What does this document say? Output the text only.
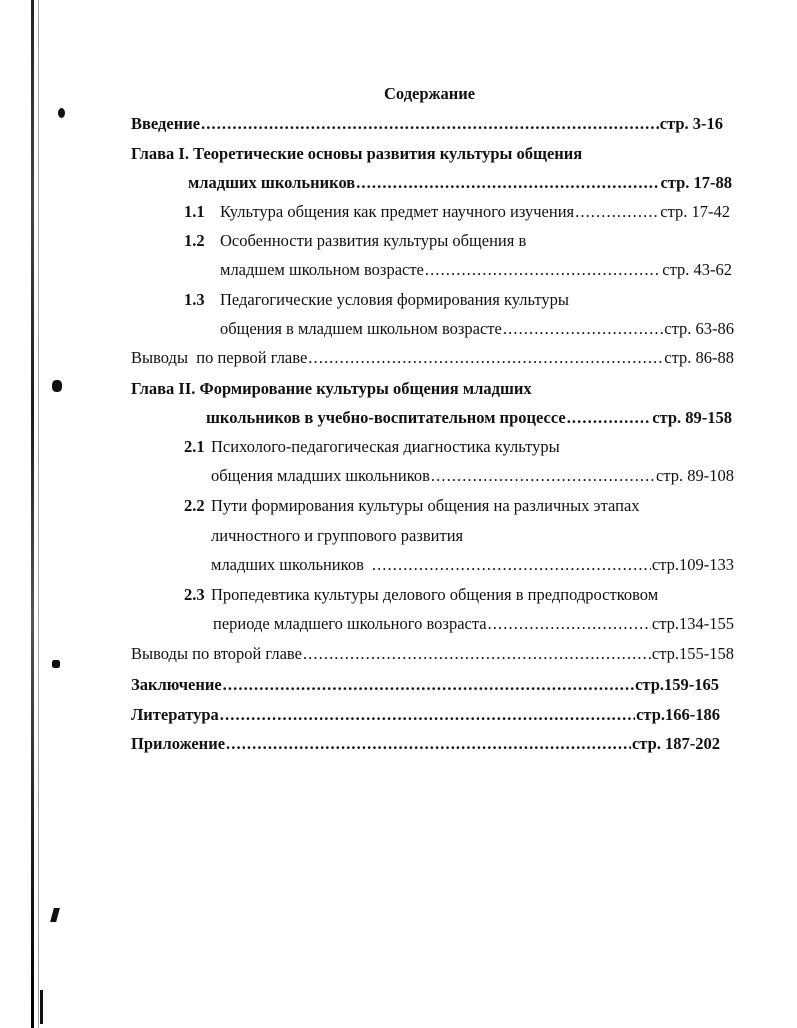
Содержание
Введение .....	стр. 3-16
Глава I. Теоретические основы развития культуры общения
младших школьников .....	стр. 17-88
1.1 Культура общения как предмет научного изучения .....	стр. 17-42
1.2 Особенности развития культуры общения в
младшем школьном возрасте .....	стр. 43-62
1.3 Педагогические условия формирования культуры
общения в младшем школьном возрасте .....	стр. 63-86
Выводы  по первой главе .....	стр. 86-88
Глава II. Формирование культуры общения младших
школьников в учебно-воспитательном процессе .....	стр. 89-158
2.1 Психолого-педагогическая диагностика культуры
общения младших школьников .....	стр. 89-108
2.2 Пути формирования культуры общения на различных этапах
личностного и группового развития
младших школьников .....	стр.109-133
2.3 Пропедевтика культуры делового общения в предподростковом
периоде младшего школьного возраста .....	стр.134-155
Выводы по второй главе .....	стр.155-158
Заключение .....	стр.159-165
Литература .....	стр.166-186
Приложение .....	стр. 187-202
